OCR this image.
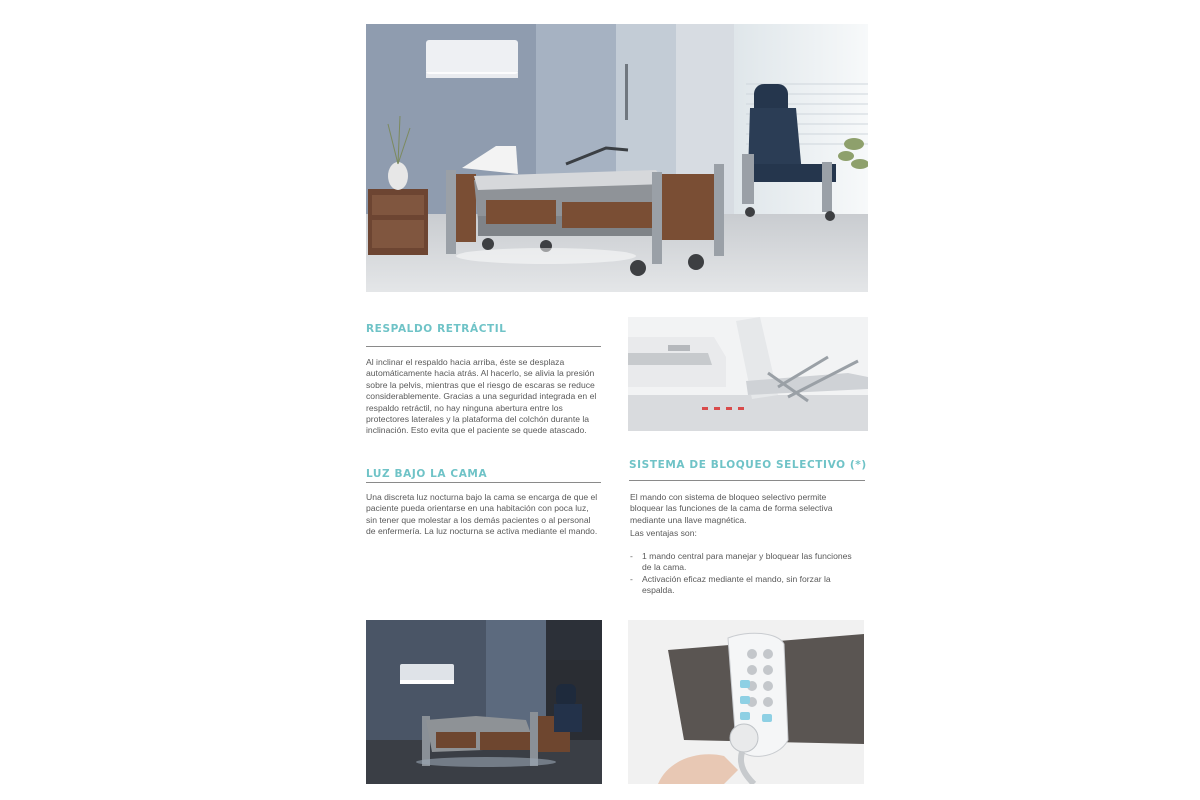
RESPALDO RETRÁCTIL

Al inclinar el respaldo hacia arriba, éste se desplaza automáticamente hacia atrás. Al hacerlo, se alivia la presión sobre la pelvis, mientras que el riesgo de escaras se reduce considerablemente. Gracias a una seguridad integrada en el respaldo retráctil, no hay ninguna abertura entre los protectores laterales y la plataforma del colchón durante la inclinación. Esto evita que el paciente se quede atascado.

LUZ BAJO LA CAMA

Una discreta luz nocturna bajo la cama se encarga de que el paciente pueda orientarse en una habitación con poca luz, sin tener que molestar a los demás pacientes o al personal de enfermería. La luz nocturna se activa mediante el mando.

SISTEMA DE BLOQUEO SELECTIVO (*)

El mando con sistema de bloqueo selectivo permite bloquear las funciones de la cama de forma selectiva mediante una llave magnética.

Las ventajas son:

- 1 mando central para manejar y bloquear las funciones de la cama.
- Activación eficaz mediante el mando, sin forzar la espalda.
